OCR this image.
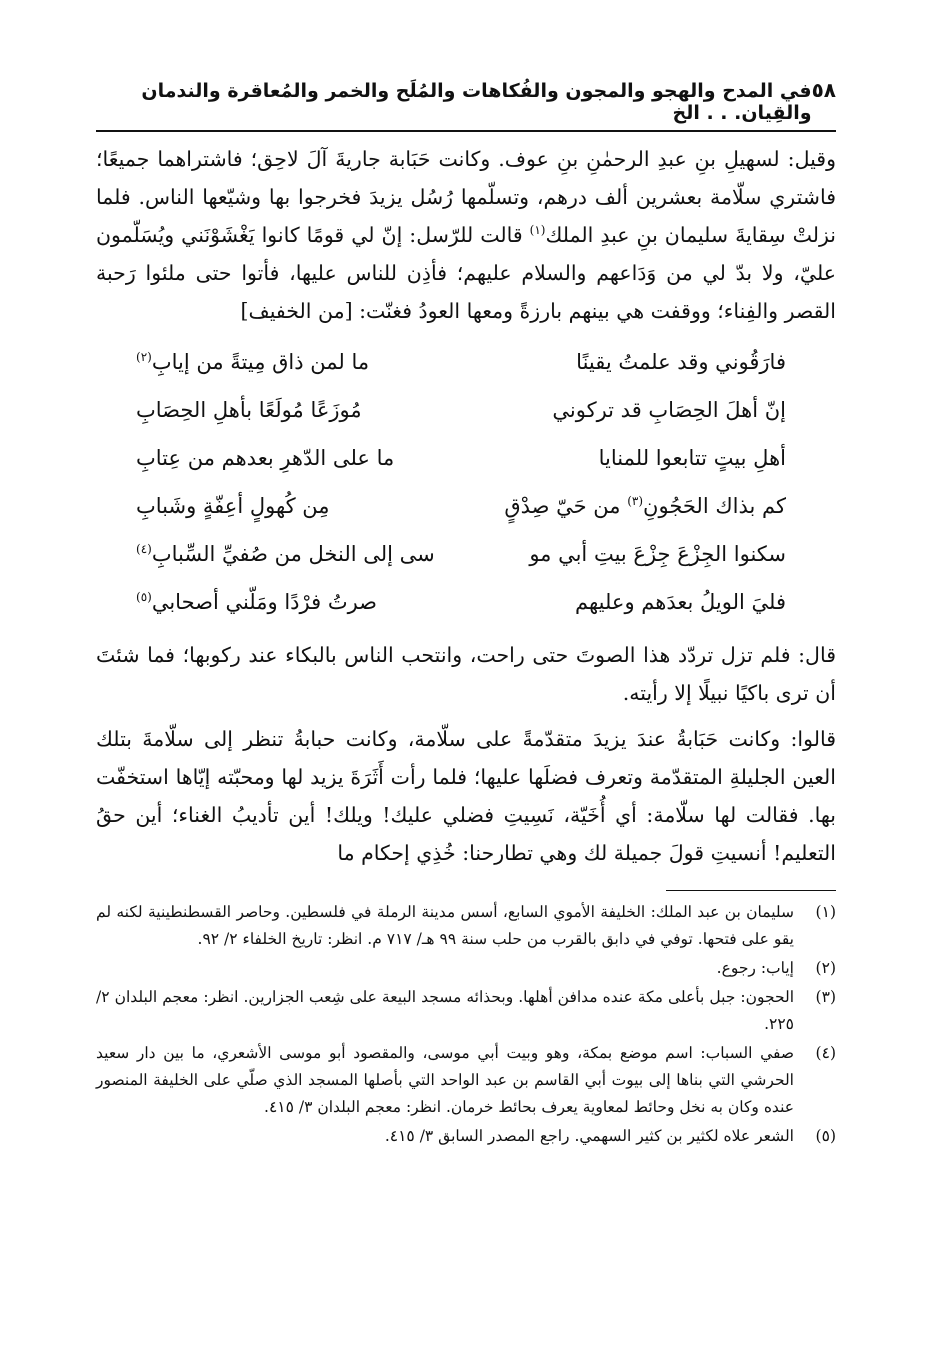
٥٨
في المدح والهجو والمجون والفُكاهات والمُلَح والخمر والمُعاقرة والندمان والقِيان. . . الخ

وقيل: لسهيلِ بنِ عبدِ الرحمٰنِ بنِ عوف. وكانت حَبَابة جاريةَ آلَ لاحِق؛ فاشتراهما جميعًا؛ فاشتري سلّامة بعشرين ألف درهم، وتسلّمها رُسُل يزيدَ فخرجوا بها وشيّعها الناس. فلما نزلتْ سِقايةَ سليمان بنِ عبدِ الملك$^{(١)}$ قالت للرّسل: إنّ لي قومًا كانوا يَغْشَوْنَني ويُسَلّمون عليّ، ولا بدّ لي من وَدَاعهم والسلام عليهم؛ فأذِن للناس عليها، فأتوا حتى ملئوا رَحبة القصر والفِناء؛ ووقفت هي بينهم بارزةً ومعها العودُ فغنّت: [من الخفيف]

فارَقُوني وقد علمتُ يقينًا
ما لمن ذاق مِيتةً من إيابِ$^{(٢)}$
إنّ أهلَ الحِصَابِ قد تركوني
مُوزَعًا مُولَعًا بأهلِ الحِصَابِ
أهلِ بيتٍ تتابعوا للمنايا
ما على الدّهرِ بعدهم من عِتابِ
كم بذاك الحَجُونِ$^{(٣)}$ من حَيّ صِدْقٍ
مِن كُهولٍ أعِفّةٍ وشَبابِ
سكنوا الجِزْعَ جِزْعَ بيتِ أبي مو
سى إلى النخل من صُفيِّ السِّبابِ$^{(٤)}$
فليَ الويلُ بعدَهم وعليهم
صرتُ فرْدًا ومَلّني أصحابي$^{(٥)}$

قال: فلم تزل تردّد هذا الصوتَ حتى راحت، وانتحب الناس بالبكاء عند ركوبها؛ فما شئتَ أن ترى باكيًا نبيلًا إلا رأيته.

قالوا: وكانت حَبَابةُ عندَ يزيدَ متقدّمةً على سلّامة، وكانت حبابةُ تنظر إلى سلّامةَ بتلك العين الجليلةِ المتقدّمة وتعرف فضلَها عليها؛ فلما رأت أَثَرَةَ يزيد لها ومحبّته إيّاها استخفّت بها. فقالت لها سلّامة: أي أُخَيّة، نَسِيتِ فضلي عليك! ويلك! أين تأديبُ الغناء؛ أين حقُ التعليم! أنسيتِ قولَ جميلة لك وهي تطارحنا: خُذِي إحكام ما

(١)
سليمان بن عبد الملك: الخليفة الأموي السابع، أسس مدينة الرملة في فلسطين. وحاصر القسطنطينية لكنه لم يقو على فتحها. توفي في دابق بالقرب من حلب سنة ٩٩ هـ/ ٧١٧ م. انظر: تاريخ الخلفاء ٢/ ٩٢.
(٢)
إياب: رجوع.
(٣)
الحجون: جبل بأعلى مكة عنده مدافن أهلها. وبحذائه مسجد البيعة على شِعب الجزارين. انظر: معجم البلدان ٢/ ٢٢٥.
(٤)
صفي السباب: اسم موضع بمكة، وهو وبيت أبي موسى، والمقصود أبو موسى الأشعري، ما بين دار سعيد الحرشي التي بناها إلى بيوت أبي القاسم بن عبد الواحد التي بأصلها المسجد الذي صلّي على الخليفة المنصور عنده وكان به نخل وحائط لمعاوية يعرف بحائط خرمان. انظر: معجم البلدان ٣/ ٤١٥.
(٥)
الشعر علاه لكثير بن كثير السهمي. راجع المصدر السابق ٣/ ٤١٥.
